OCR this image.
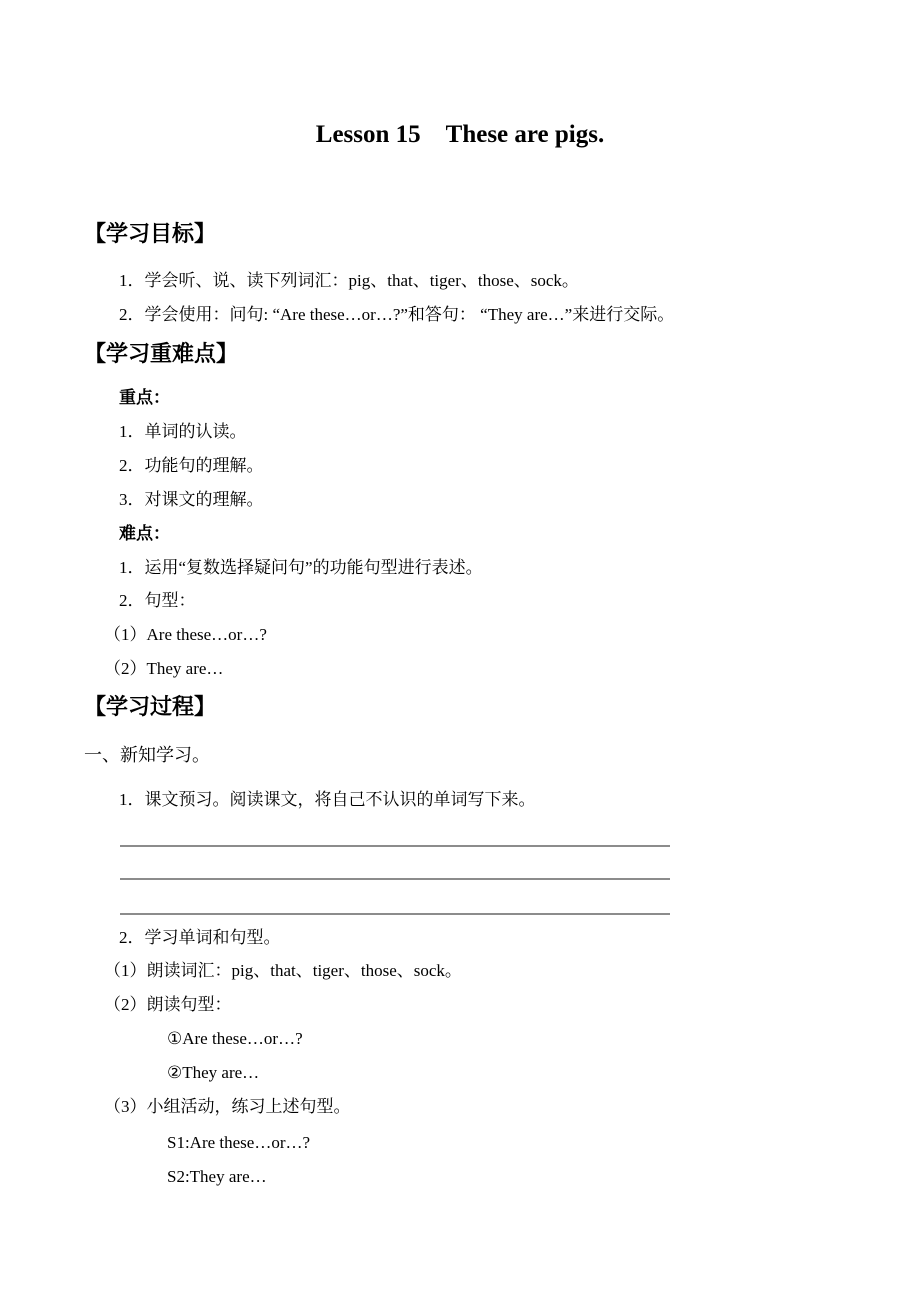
Lesson 15　These are pigs.
【学习目标】
1．学会听、说、读下列词汇：pig、that、tiger、those、sock。
2．学会使用：问句: “Are these…or…?”和答句： “They are…”来进行交际。
【学习重难点】
重点：
1．单词的认读。
2．功能句的理解。
3．对课文的理解。
难点：
1．运用“复数选择疑问句”的功能句型进行表述。
2．句型：
（1）Are these…or…?
（2）They are…
【学习过程】
一、新知学习。
1．课文预习。阅读课文，将自己不认识的单词写下来。
2．学习单词和句型。
（1）朗读词汇：pig、that、tiger、those、sock。
（2）朗读句型：
①Are these…or…?
②They are…
（3）小组活动，练习上述句型。
S1:Are these…or…?
S2:They are…
